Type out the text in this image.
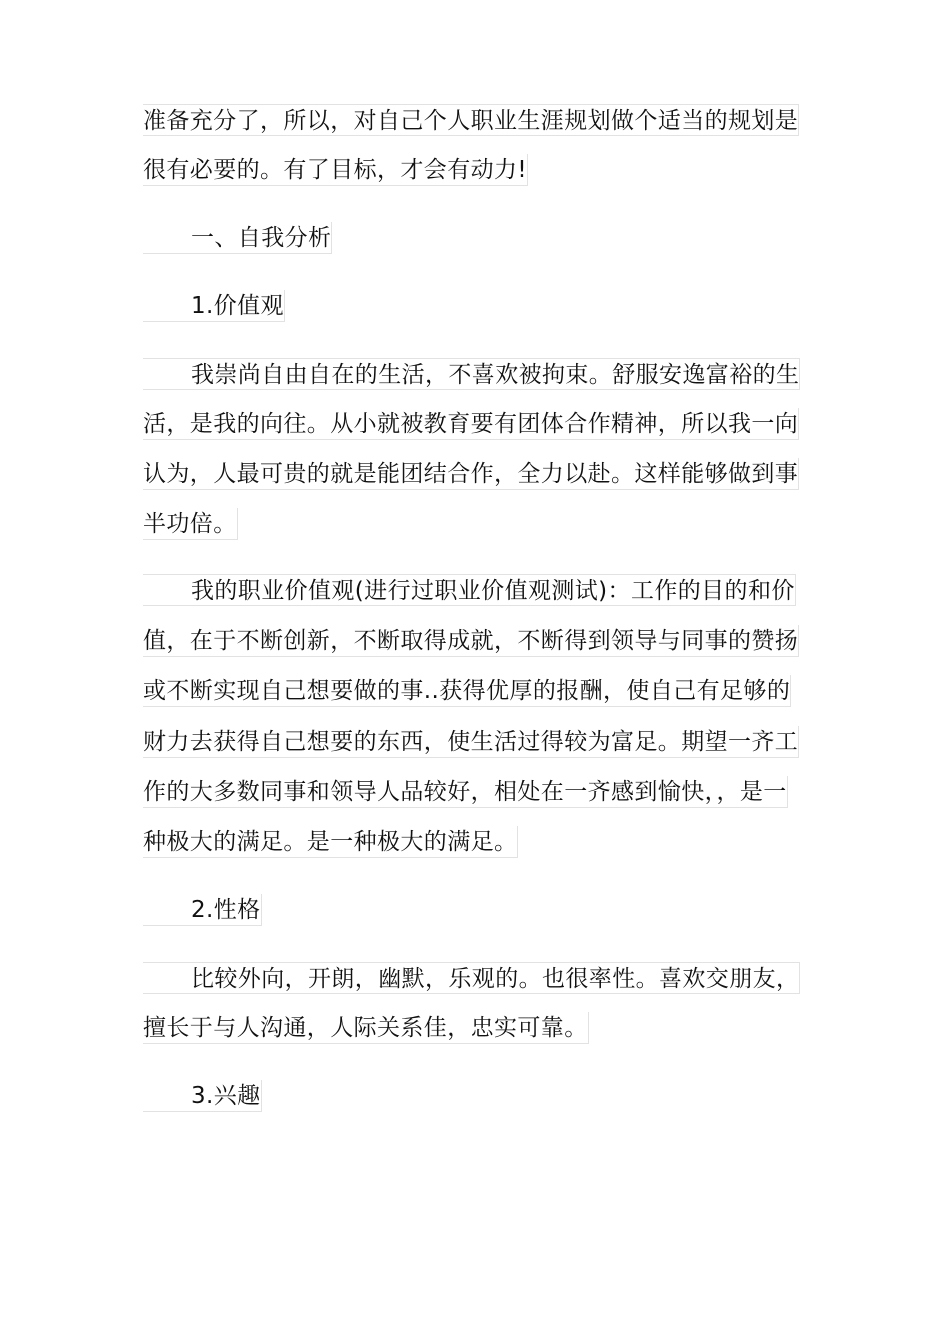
准备充分了，所以，对自己个人职业生涯规划做个适当的规划是
很有必要的。有了目标，才会有动力!
一、自我分析
1.价值观
我崇尚自由自在的生活，不喜欢被拘束。舒服安逸富裕的生
活，是我的向往。从小就被教育要有团体合作精神，所以我一向
认为，人最可贵的就是能团结合作，全力以赴。这样能够做到事
半功倍。
我的职业价值观(进行过职业价值观测试)：工作的目的和价
值，在于不断创新，不断取得成就，不断得到领导与同事的赞扬
或不断实现自己想要做的事..获得优厚的报酬，使自己有足够的
财力去获得自己想要的东西，使生活过得较为富足。期望一齐工
作的大多数同事和领导人品较好，相处在一齐感到愉快，，是一
种极大的满足。是一种极大的满足。
2.性格
比较外向，开朗，幽默，乐观的。也很率性。喜欢交朋友，
擅长于与人沟通，人际关系佳，忠实可靠。
3.兴趣
